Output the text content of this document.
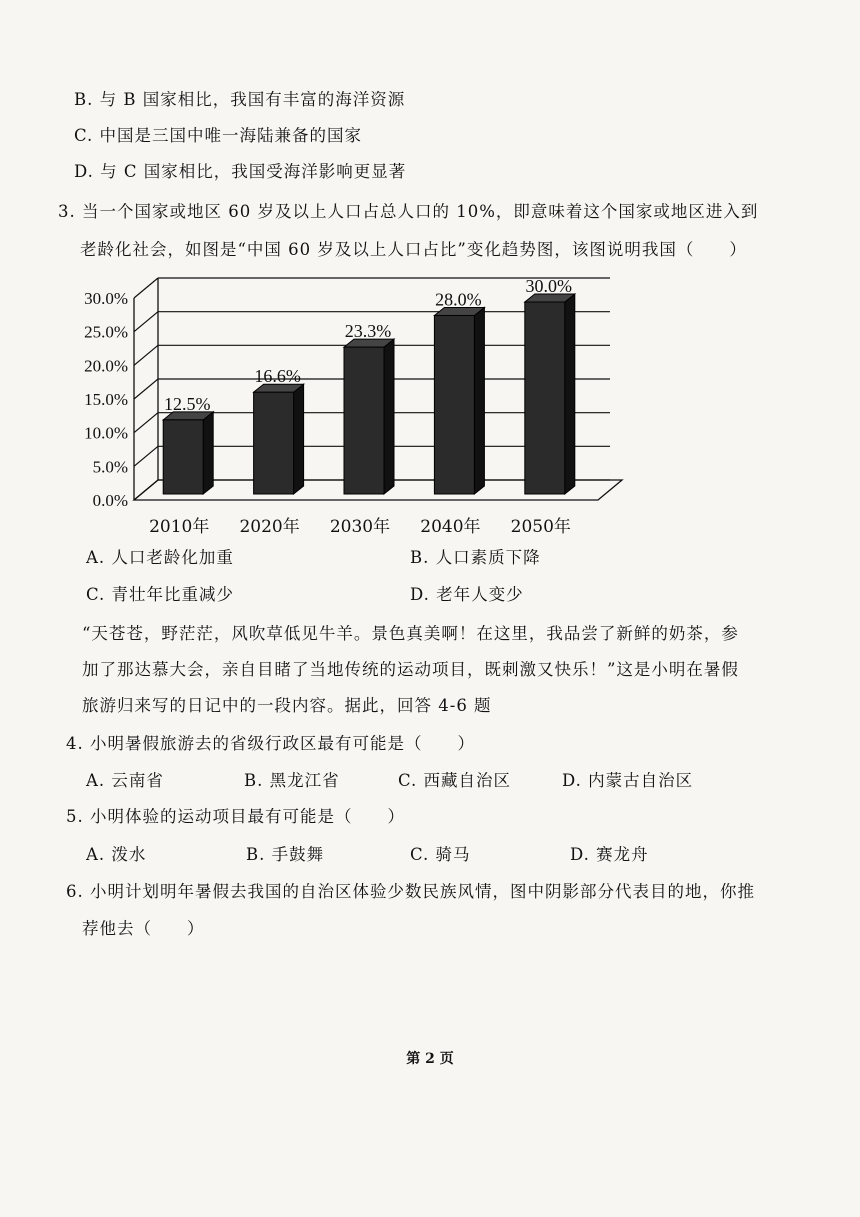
B. 与 B 国家相比，我国有丰富的海洋资源
C. 中国是三国中唯一海陆兼备的国家
D. 与 C 国家相比，我国受海洋影响更显著
3. 当一个国家或地区 60 岁及以上人口占总人口的 10%，即意味着这个国家或地区进入到
老龄化社会，如图是“中国 60 岁及以上人口占比”变化趋势图，该图说明我国（　　）
0.0%
5.0%
10.0%
15.0%
20.0%
25.0%
30.0%
12.5%
2010年
16.6%
2020年
23.3%
2030年
28.0%
2040年
30.0%
2050年
A. 人口老龄化加重	B. 人口素质下降
C. 青壮年比重减少	D. 老年人变少
“天苍苍，野茫茫，风吹草低见牛羊。景色真美啊！在这里，我品尝了新鲜的奶茶，参
加了那达慕大会，亲自目睹了当地传统的运动项目，既刺激又快乐！”这是小明在暑假
旅游归来写的日记中的一段内容。据此，回答 4-6 题
4. 小明暑假旅游去的省级行政区最有可能是（　　）
A. 云南省	B. 黑龙江省	C. 西藏自治区	D. 内蒙古自治区
5. 小明体验的运动项目最有可能是（　　）
A. 泼水	B. 手鼓舞	C. 骑马	D. 赛龙舟
6. 小明计划明年暑假去我国的自治区体验少数民族风情，图中阴影部分代表目的地，你推
荐他去（　　）
第 2 页
